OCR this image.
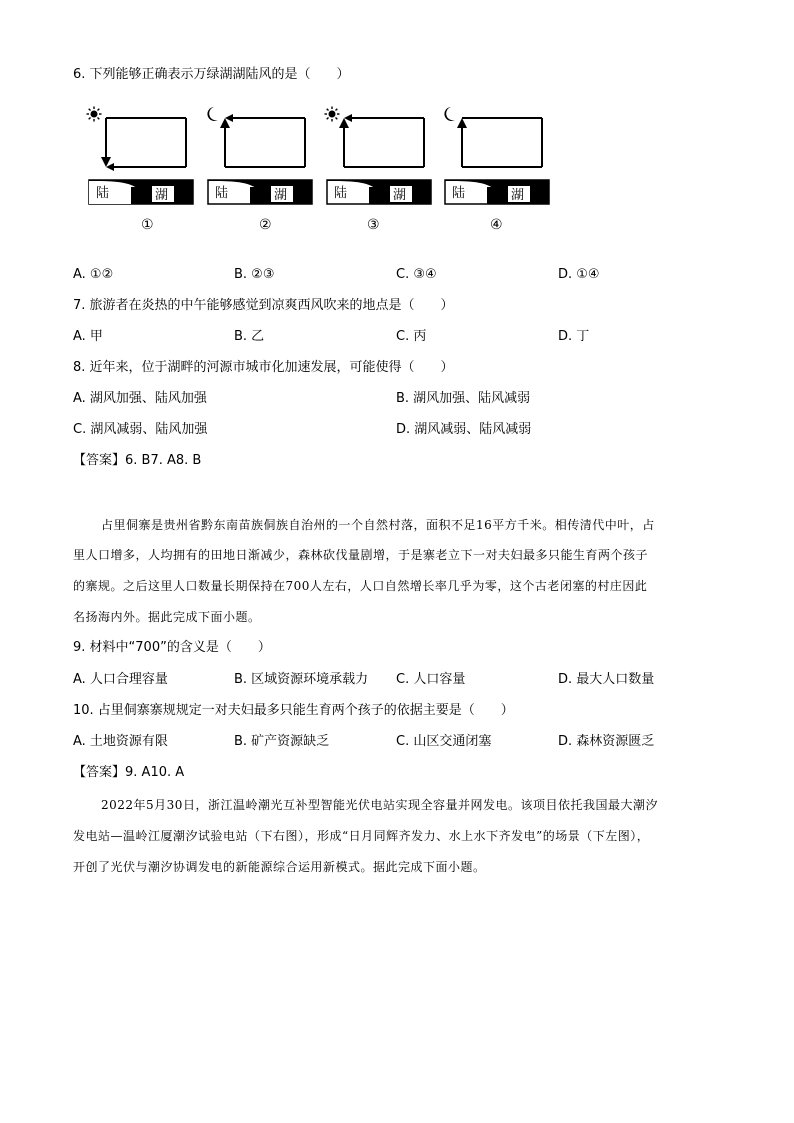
6. 下列能够正确表示万绿湖湖陆风的是（　　）
陆	湖	陆	湖	陆	湖	陆	湖
①	②	③	④
A. ①②	B. ②③	C. ③④	D. ①④
7. 旅游者在炎热的中午能够感觉到凉爽西风吹来的地点是（　　）
A. 甲	B. 乙	C. 丙	D. 丁
8. 近年来，位于湖畔的河源市城市化加速发展，可能使得（　　）
A. 湖风加强、陆风加强	B. 湖风加强、陆风减弱
C. 湖风减弱、陆风加强	D. 湖风减弱、陆风减弱
【答案】6. B7. A8. B
占里侗寨是贵州省黔东南苗族侗族自治州的一个自然村落，面积不足16平方千米。相传清代中叶，占
里人口增多，人均拥有的田地日渐减少，森林砍伐量剧增，于是寨老立下一对夫妇最多只能生育两个孩子
的寨规。之后这里人口数量长期保持在700人左右，人口自然增长率几乎为零，这个古老闭塞的村庄因此
名扬海内外。据此完成下面小题。
9. 材料中“700”的含义是（　　）
A. 人口合理容量	B. 区域资源环境承载力 C. 人口容量	D. 最大人口数量
10. 占里侗寨寨规规定一对夫妇最多只能生育两个孩子的依据主要是（　　）
A. 土地资源有限	B. 矿产资源缺乏	C. 山区交通闭塞	D. 森林资源匮乏
【答案】9. A10. A
2022年5月30日，浙江温岭潮光互补型智能光伏电站实现全容量并网发电。该项目依托我国最大潮汐
发电站—温岭江厦潮汐试验电站（下右图），形成“日月同辉齐发力、水上水下齐发电”的场景（下左图），
开创了光伏与潮汐协调发电的新能源综合运用新模式。据此完成下面小题。
